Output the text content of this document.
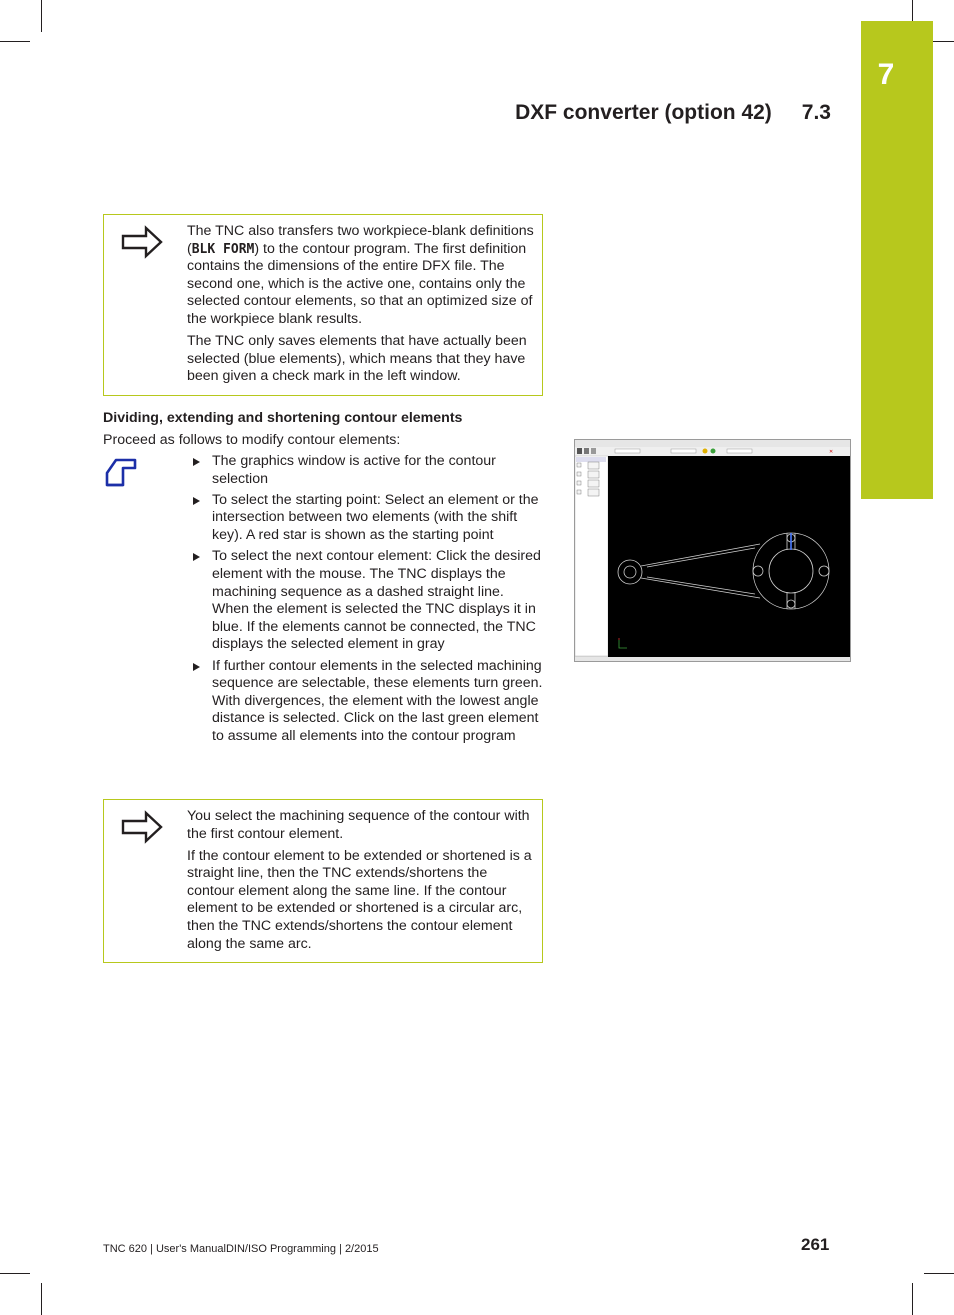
7
DXF converter (option 42) 7.3

The TNC also transfers two workpiece-blank definitions (BLK FORM) to the contour program. The first definition contains the dimensions of the entire DFX file. The second one, which is the active one, contains only the selected contour elements, so that an optimized size of the workpiece blank results.

The TNC only saves elements that have actually been selected (blue elements), which means that they have been given a check mark in the left window.

Dividing, extending and shortening contour elements
Proceed as follows to modify contour elements:
The graphics window is active for the contour selection
To select the starting point: Select an element or the intersection between two elements (with the shift key). A red star is shown as the starting point
To select the next contour element: Click the desired element with the mouse. The TNC displays the machining sequence as a dashed straight line. When the element is selected the TNC displays it in blue. If the elements cannot be connected, the TNC displays the selected element in gray
If further contour elements in the selected machining sequence are selectable, these elements turn green. With divergences, the element with the lowest angle distance is selected. Click on the last green element to assume all elements into the contour program
✕

You select the machining sequence of the contour with the first contour element.

If the contour element to be extended or shortened is a straight line, then the TNC extends/shortens the contour element along the same line. If the contour element to be extended or shortened is a circular arc, then the TNC extends/shortens the contour element along the same arc.

TNC 620 | User's ManualDIN/ISO Programming | 2/2015	261
